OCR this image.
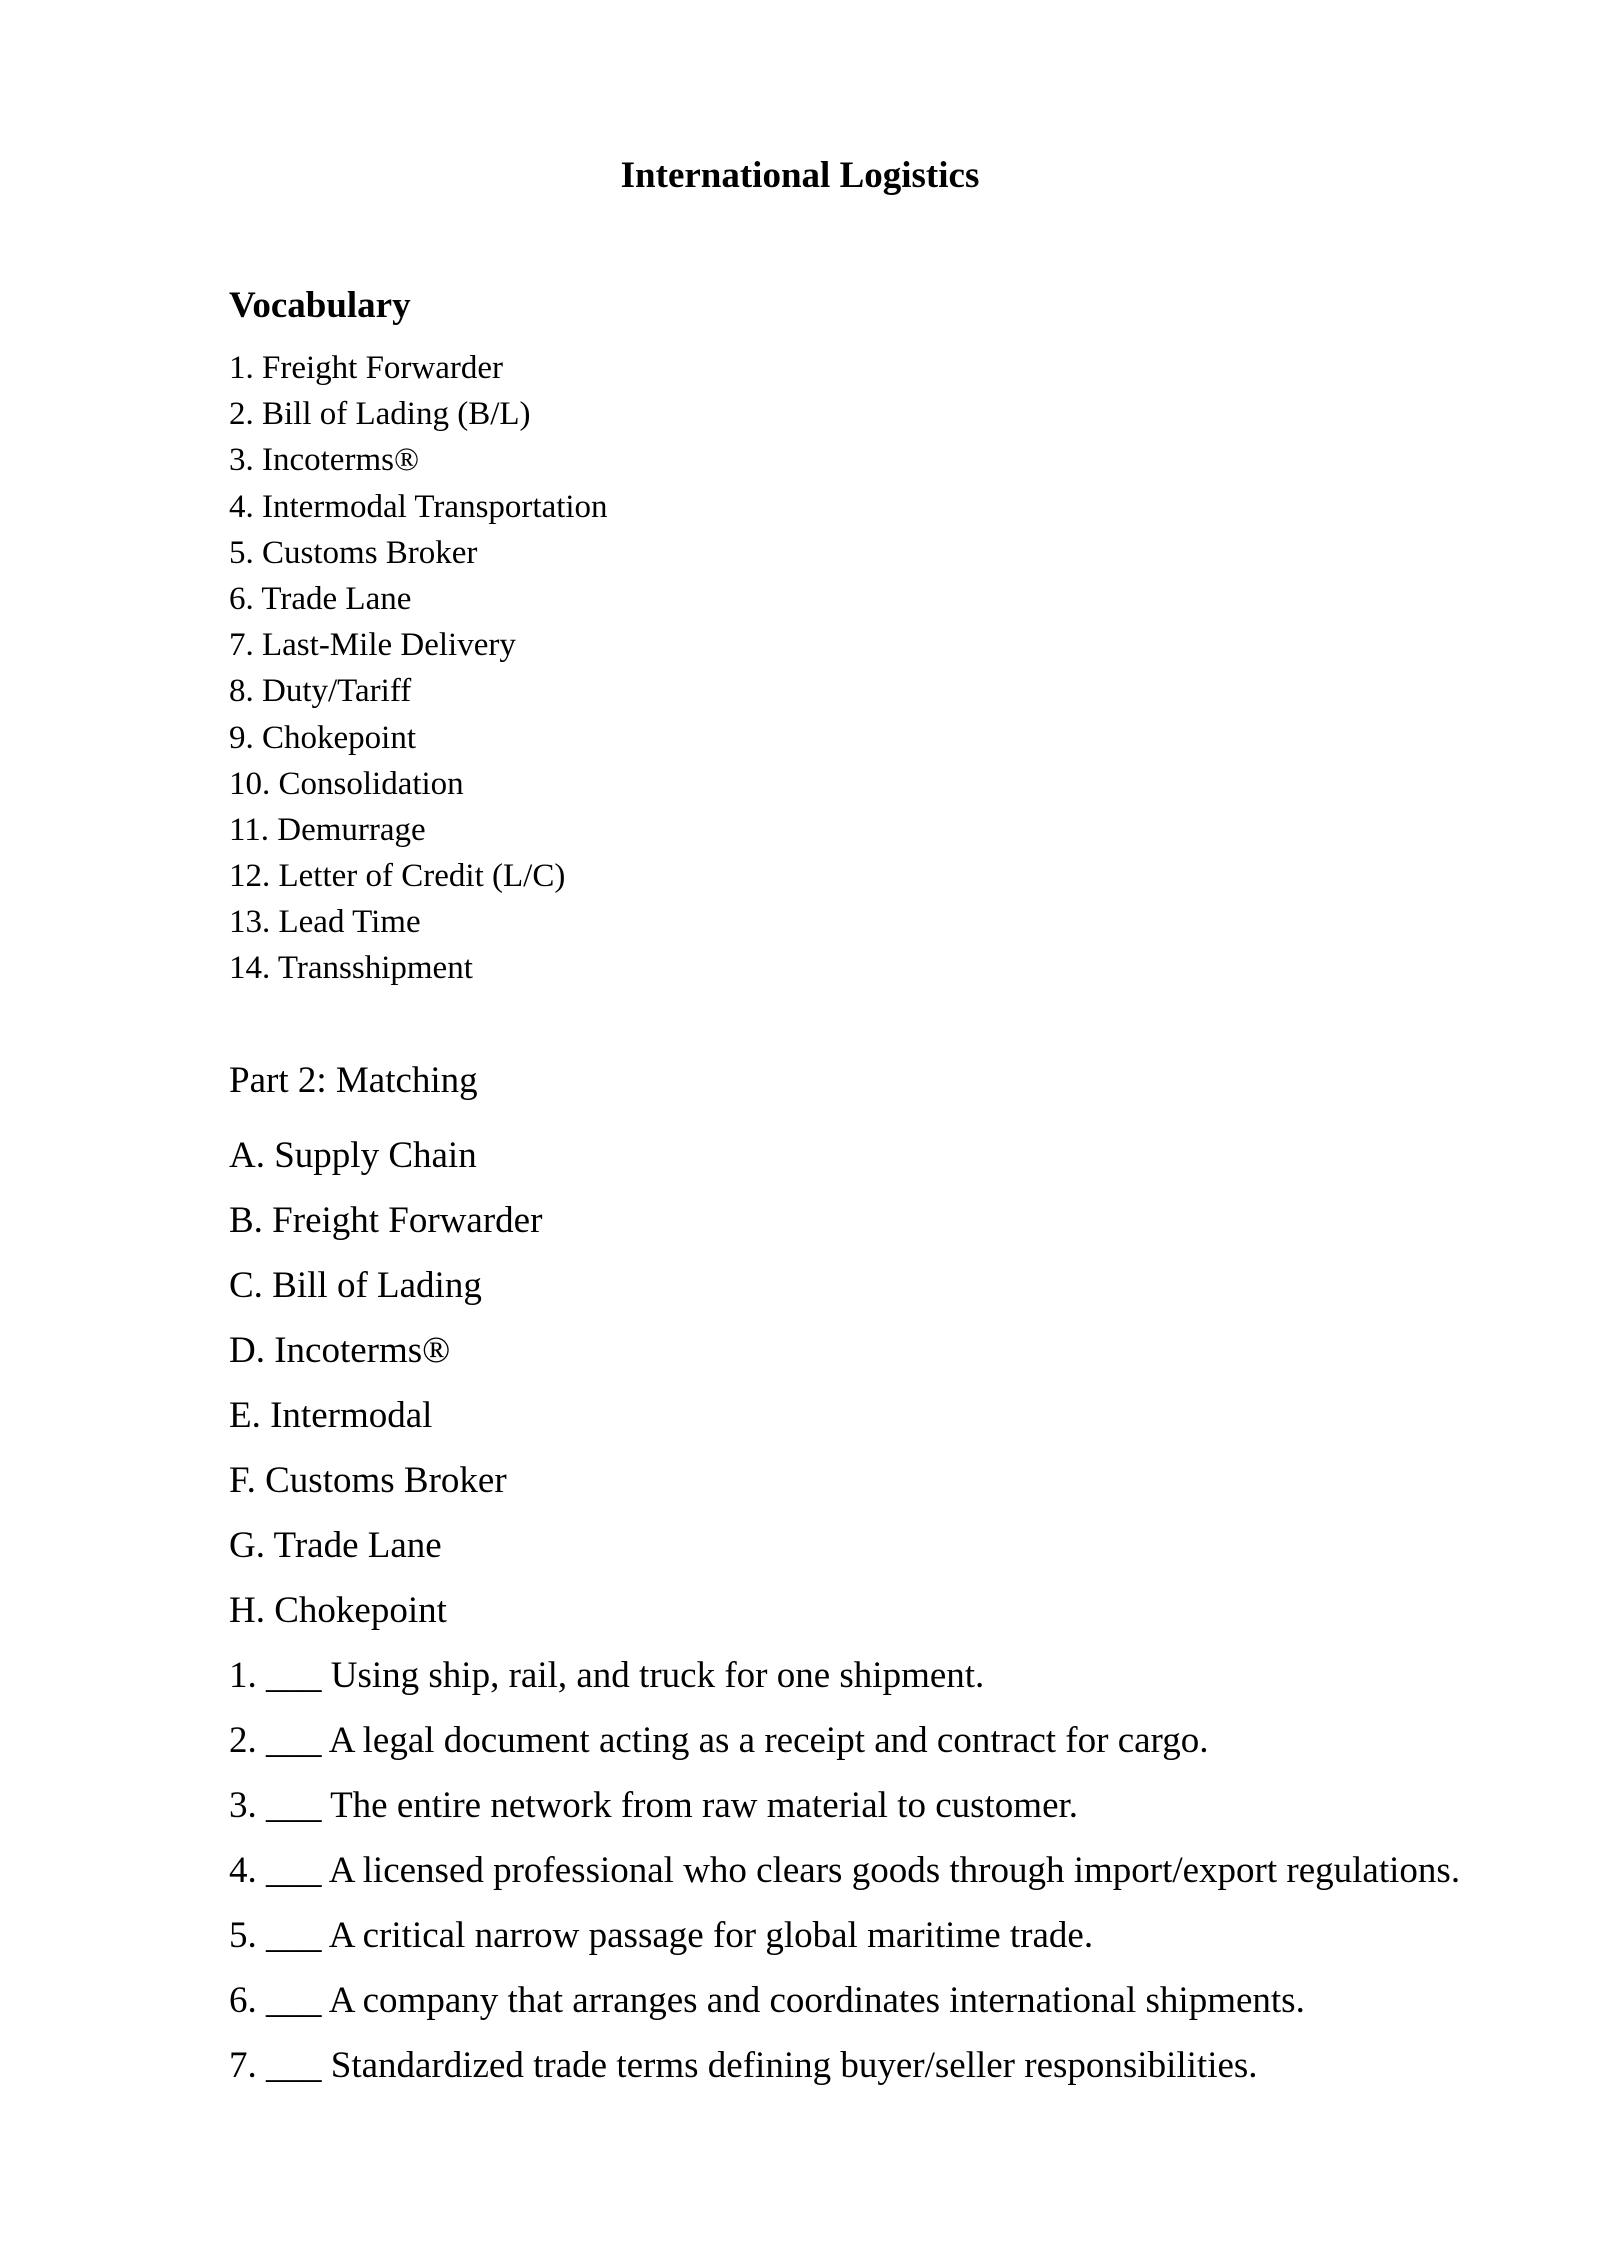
International Logistics
Vocabulary
1. Freight Forwarder
2. Bill of Lading (B/L)
3. Incoterms®
4. Intermodal Transportation
5. Customs Broker
6. Trade Lane
7. Last-Mile Delivery
8. Duty/Tariff
9. Chokepoint
10. Consolidation
11. Demurrage
12. Letter of Credit (L/C)
13. Lead Time
14. Transshipment
Part 2: Matching
A. Supply Chain
B. Freight Forwarder
C. Bill of Lading
D. Incoterms®
E. Intermodal
F. Customs Broker
G. Trade Lane
H. Chokepoint
1. ___ Using ship, rail, and truck for one shipment.
2. ___ A legal document acting as a receipt and contract for cargo.
3. ___ The entire network from raw material to customer.
4. ___ A licensed professional who clears goods through import/export regulations.
5. ___ A critical narrow passage for global maritime trade.
6. ___ A company that arranges and coordinates international shipments.
7. ___ Standardized trade terms defining buyer/seller responsibilities.
